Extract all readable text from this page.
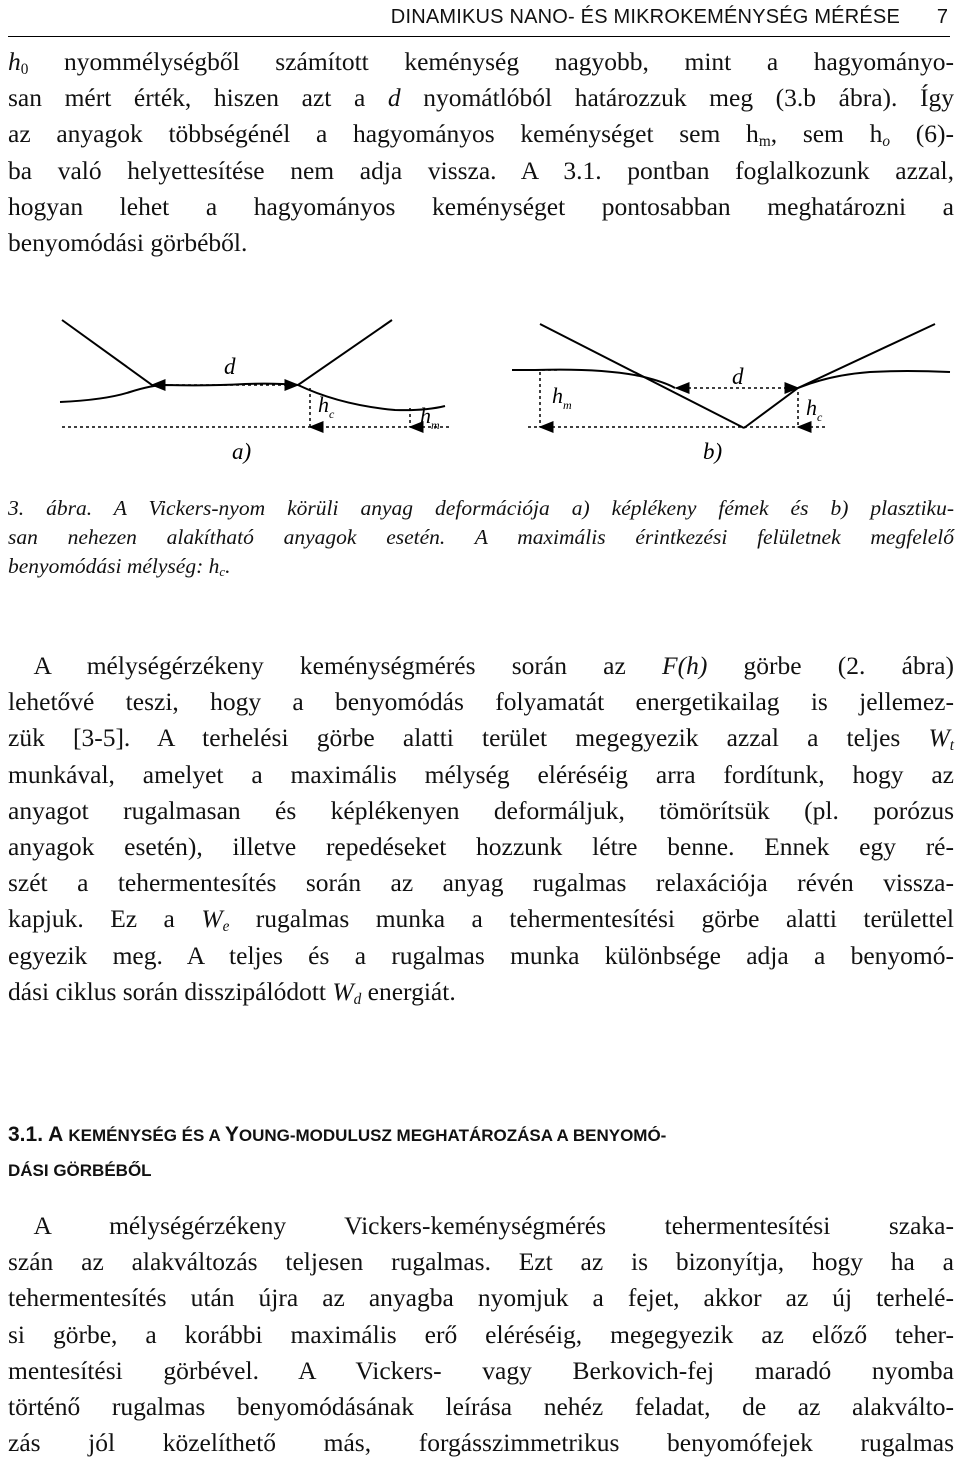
DINAMIKUS NANO- ÉS MIKROKEMÉNYSÉG MÉRÉSE 7
$h_0$ nyommélységből számított keménység nagyobb, mint a hagyományo-
san mért érték, hiszen azt a d nyomátlóból határozzuk meg (3.b ábra). Így
az anyagok többségénél a hagyományos keménységet sem $h_m$, sem $h_o$ (6)-
ba való helyettesítése nem adja vissza. A 3.1. pontban foglalkozunk azzal,
hogyan lehet a hagyományos keménységet pontosabban meghatározni a
benyomódási görbéből.
d
$h_c$	$h_m$
a)
d
$h_m$	$h_c$
b)
3. ábra. A Vickers-nyom körüli anyag deformációja a) képlékeny fémek és b) plasztiku-
san nehezen alakítható anyagok esetén. A maximális érintkezési felületnek megfelelő
benyomódási mélység: $h_c$.
 A mélységérzékeny keménységmérés során az F(h) görbe (2. ábra)
lehetővé teszi, hogy a benyomódás folyamatát energetikailag is jellemez-
zük [3-5]. A terhelési görbe alatti terület megegyezik azzal a teljes $W_t$
munkával, amelyet a maximális mélység eléréséig arra fordítunk, hogy az
anyagot rugalmasan és képlékenyen deformáljuk, tömörítsük (pl. porózus
anyagok esetén), illetve repedéseket hozzunk létre benne. Ennek egy ré-
szét a tehermentesítés során az anyag rugalmas relaxációja révén vissza-
kapjuk. Ez a $W_e$ rugalmas munka a tehermentesítési görbe alatti területtel
egyezik meg. A teljes és a rugalmas munka különbsége adja a benyomó-
dási ciklus során disszipálódott $W_d$ energiát.
3.1. A KEMÉNYSÉG ÉS A YOUNG-MODULUSZ MEGHATÁROZÁSA A BENYOMÓ-
DÁSI GÖRBÉBŐL
 A mélységérzékeny Vickers-keménységmérés tehermentesítési szaka-
szán az alakváltozás teljesen rugalmas. Ezt az is bizonyítja, hogy ha a
tehermentesítés után újra az anyagba nyomjuk a fejet, akkor az új terhelé-
si görbe, a korábbi maximális erő eléréséig, megegyezik az előző teher-
mentesítési görbével. A Vickers- vagy Berkovich-fej maradó nyomba
történő rugalmas benyomódásának leírása nehéz feladat, de az alakválto-
zás jól közelíthető más, forgásszimmetrikus benyomófejek rugalmas
